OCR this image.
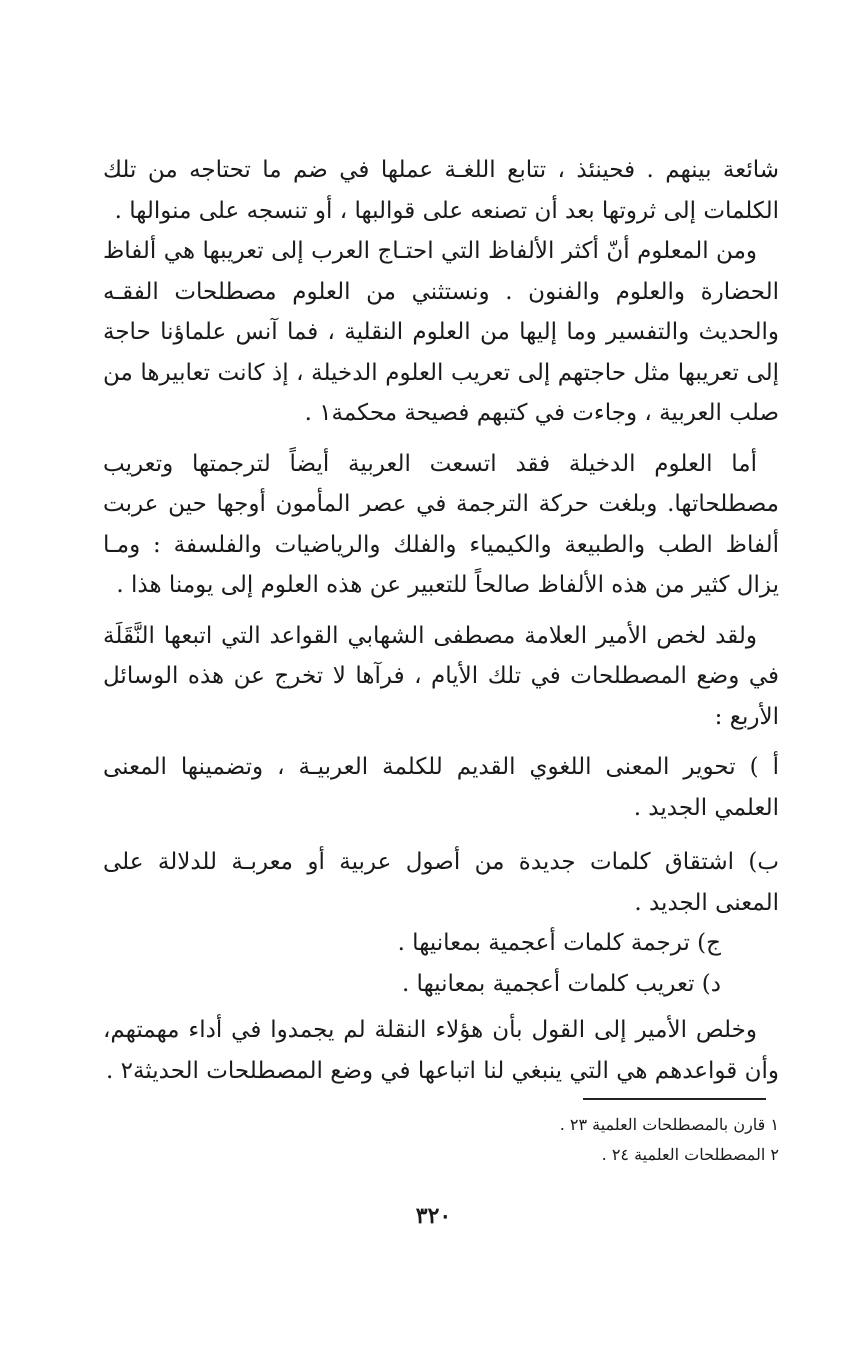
شائعة بينهم . فحينئذ ، تتابع اللغـة عملها في ضم ما تحتاجه من تلك الكلمات إلى ثروتها بعد أن تصنعه على قوالبها ، أو تنسجه على منوالها .

ومن المعلوم أنّ أكثر الألفاظ التي احتـاج العرب إلى تعريبها هي ألفاظ الحضارة والعلوم والفنون . ونستثني من العلوم مصطلحات الفقـه والحديث والتفسير وما إليها من العلوم النقلية ، فما آنس علماؤنا حاجة إلى تعريبها مثل حاجتهم إلى تعريب العلوم الدخيلة ، إذ كانت تعابيرها من صلب العربية ، وجاءت في كتبهم فصيحة محكمة١ .

أما العلوم الدخيلة فقد اتسعت العربية أيضاً لترجمتها وتعريب مصطلحاتها. وبلغت حركة الترجمة في عصر المأمون أوجها حين عربت ألفاظ الطب والطبيعة والكيمياء والفلك والرياضيات والفلسفة : ومـا يزال كثير من هذه الألفاظ صالحاً للتعبير عن هذه العلوم إلى يومنا هذا .

ولقد لخص الأمير العلامة مصطفى الشهابي القواعد التي اتبعها النَّقَلَة في وضع المصطلحات في تلك الأيام ، فرآها لا تخرج عن هذه الوسائل الأربع :

أ ) تحوير المعنى اللغوي القديم للكلمة العربيـة ، وتضمينها المعنى العلمي الجديد .

ب) اشتقاق كلمات جديدة من أصول عربية أو معربـة للدلالة على المعنى الجديد .

ج) ترجمة كلمات أعجمية بمعانيها .

د) تعريب كلمات أعجمية بمعانيها .

وخلص الأمير إلى القول بأن هؤلاء النقلة لم يجمدوا في أداء مهمتهم، وأن قواعدهم هي التي ينبغي لنا اتباعها في وضع المصطلحات الحديثة٢ .

١ قارن بالمصطلحات العلمية ٢٣ .

٢ المصطلحات العلمية ٢٤ .

٣٢٠
